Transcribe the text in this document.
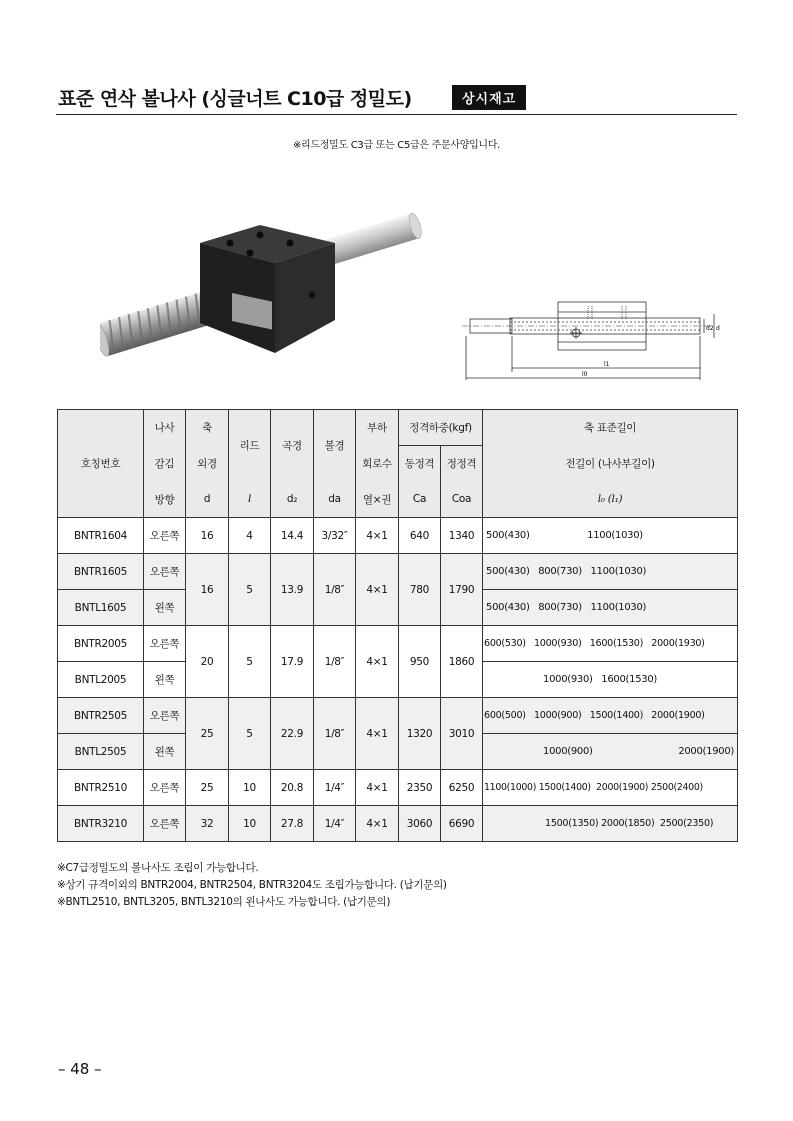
표준 연삭 볼나사 (싱글너트 C10급 정밀도)	상시재고
※리드정밀도 C3급 또는 C5급은 주문사양입니다.
l1
l0
d2 d
호칭번호	나사	축	리드	곡경	볼경	부하	정격하중(kgf)		축 표준길이
	감김	외경				회로수	동정격	정정격	전길이 (나사부길이)
	방향	d	l	d₂	da	열×권	Ca	Coa	l₀ (l₁)
BNTR1604	오른쪽	16	4	14.4	3/32″	4×1	640	1340	500(430)                    1100(1030)
BNTR1605	오른쪽	16	5	13.9	1/8″	4×1	780	1790	500(430)   800(730)   1100(1030)
BNTL1605	왼쪽								500(430)   800(730)   1100(1030)
BNTR2005	오른쪽	20	5	17.9	1/8″	4×1	950	1860	600(530)   1000(930)   1600(1530)   2000(1930)
BNTL2005	왼쪽								1000(930)   1600(1530)
BNTR2505	오른쪽	25	5	22.9	1/8″	4×1	1320	3010	600(500)   1000(900)   1500(1400)   2000(1900)
BNTL2505	왼쪽								1000(900) 2000(1900)

BNTR2510	오른쪽	25	10	20.8	1/4″	4×1	2350	6250	1100(1000) 1500(1400)  2000(1900) 2500(2400)
BNTR3210	오른쪽	32	10	27.8	1/4″	4×1	3060	6690	1500(1350) 2000(1850)  2500(2350)
※C7급정밀도의 볼나사도 조립이 가능합니다.
※상기 규격이외의 BNTR2004, BNTR2504, BNTR3204도 조립가능합니다. (납기문의)
※BNTL2510, BNTL3205, BNTL3210의 왼나사도 가능합니다. (납기문의)
– 48 –
